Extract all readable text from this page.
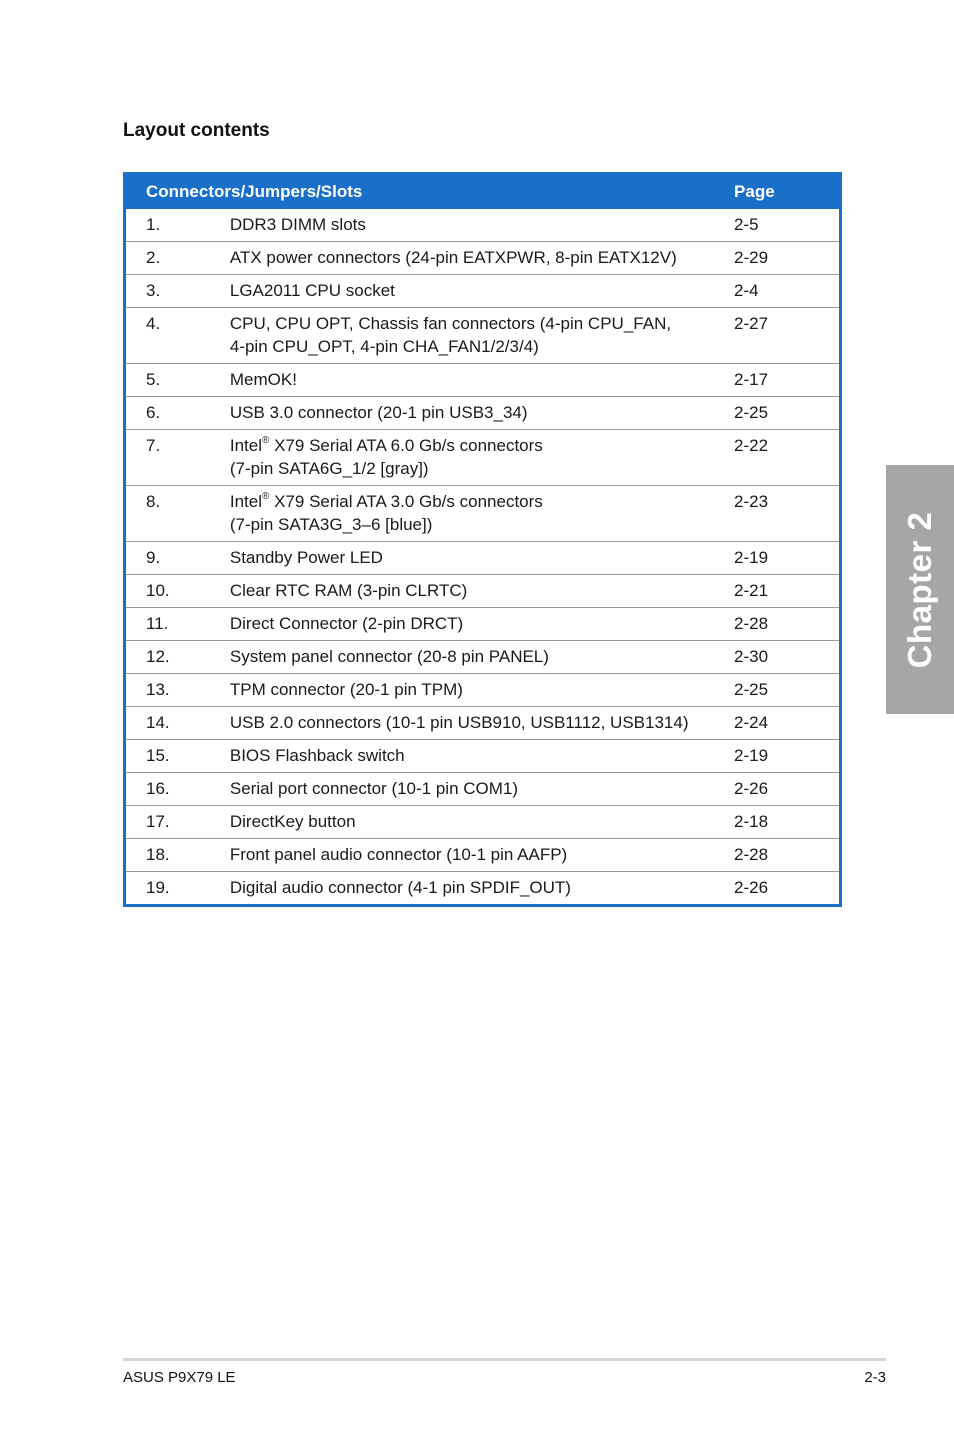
Layout contents
Connectors/Jumpers/Slots		Page
1.	DDR3 DIMM slots	2-5
2.	ATX power connectors (24-pin EATXPWR, 8-pin EATX12V)	2-29
3.	LGA2011 CPU socket	2-4
4.	CPU, CPU OPT, Chassis fan connectors (4-pin CPU_FAN,
4-pin CPU_OPT, 4-pin CHA_FAN1/2/3/4)	2-27
5.	MemOK!	2-17
6.	USB 3.0 connector (20-1 pin USB3_34)	2-25
7.	Intel® X79 Serial ATA 6.0 Gb/s connectors
(7-pin SATA6G_1/2 [gray])	2-22
8.	Intel® X79 Serial ATA 3.0 Gb/s connectors
(7-pin SATA3G_3–6 [blue])	2-23
9.	Standby Power LED	2-19
10.	Clear RTC RAM (3-pin CLRTC)	2-21
11.	Direct Connector (2-pin DRCT)	2-28
12.	System panel connector (20-8 pin PANEL)	2-30
13.	TPM connector (20-1 pin TPM)	2-25
14.	USB 2.0 connectors (10-1 pin USB910, USB1112, USB1314)	2-24
15.	BIOS Flashback switch	2-19
16.	Serial port connector (10-1 pin COM1)	2-26
17.	DirectKey button	2-18
18.	Front panel audio connector (10-1 pin AAFP)	2-28
19.	Digital audio connector (4-1 pin SPDIF_OUT)	2-26
Chapter 2
ASUS P9X79 LE	2-3
